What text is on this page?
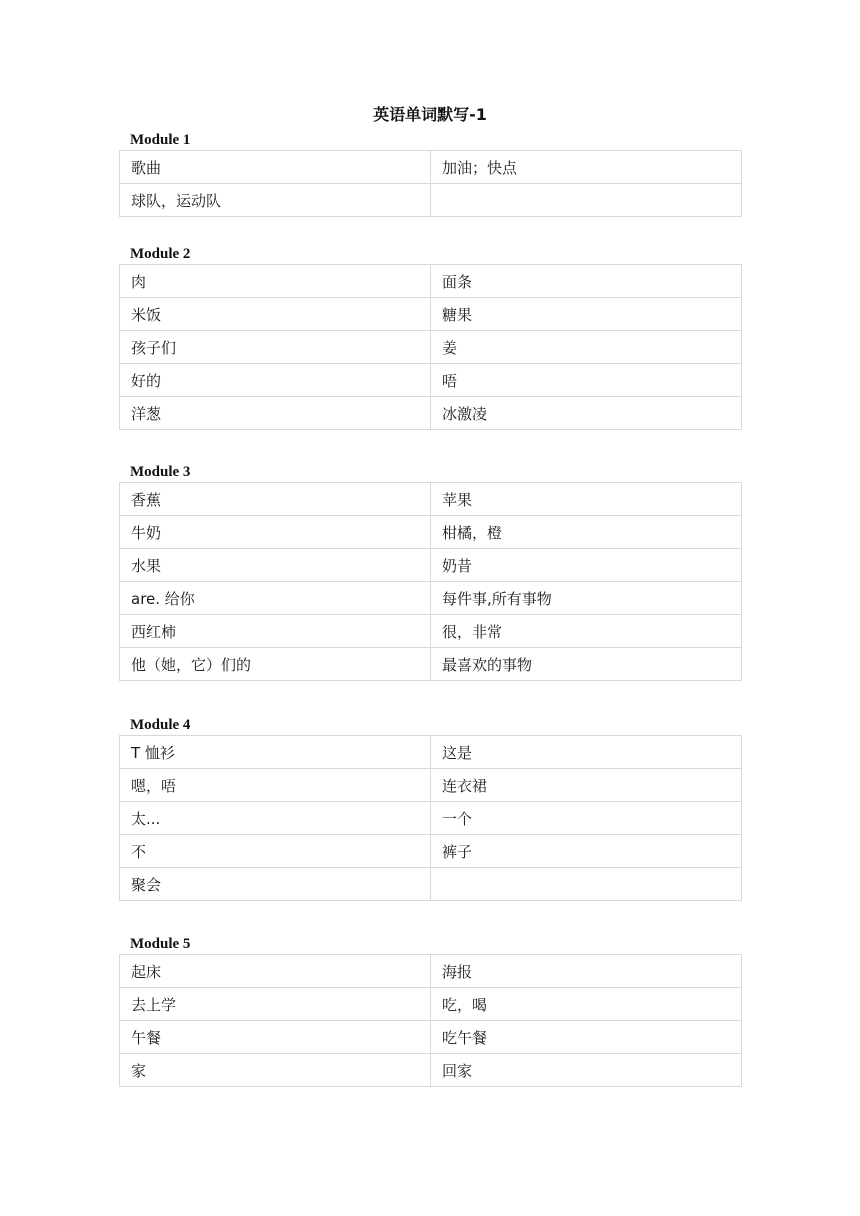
英语单词默写-1
Module 1
歌曲	加油；快点
球队，运动队	
Module 2
肉	面条
米饭	糖果
孩子们	姜
好的	唔
洋葱	冰激凌
Module 3
香蕉	苹果
牛奶	柑橘，橙
水果	奶昔
are. 给你	每件事,所有事物
西红柿	很，非常
他（她，它）们的	最喜欢的事物
Module 4
T 恤衫	这是
嗯，唔	连衣裙
太...	一个
不	裤子
聚会	
Module 5
起床	海报
去上学	吃，喝
午餐	吃午餐
家	回家
